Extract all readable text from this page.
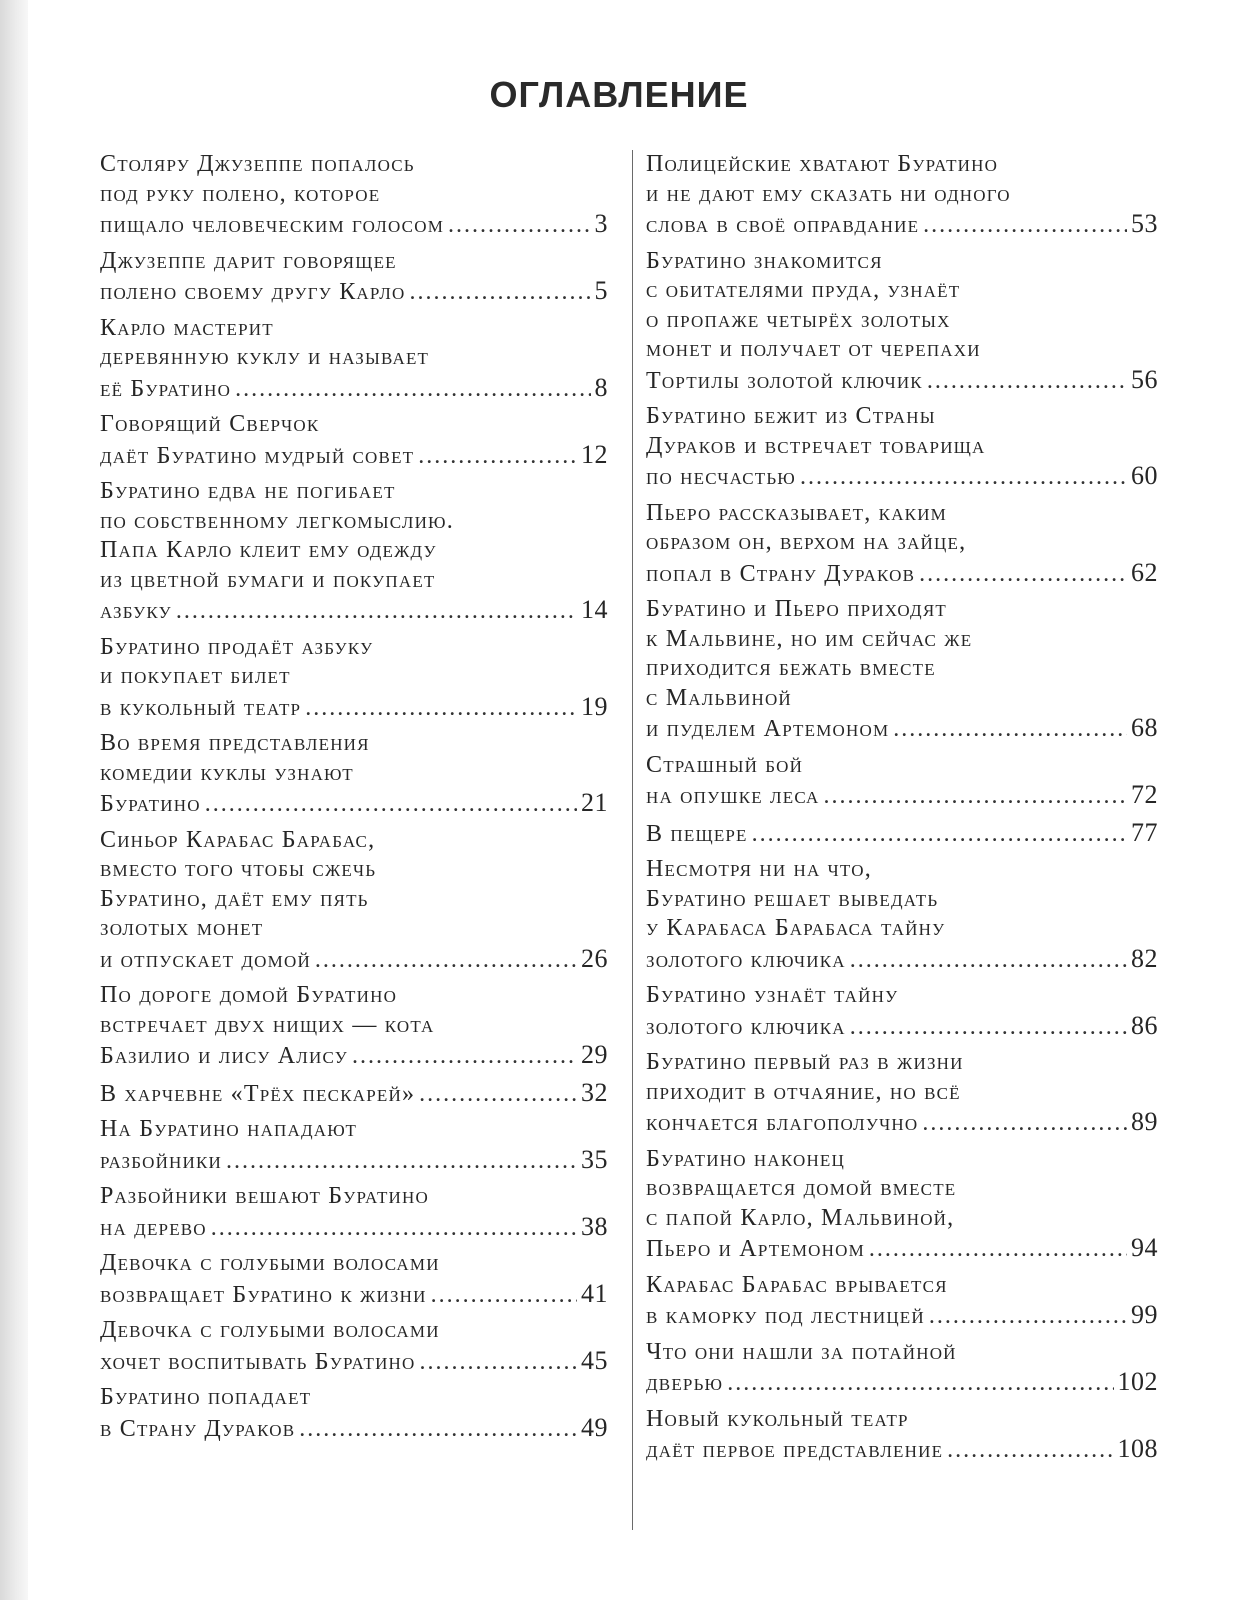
ОГЛАВЛЕНИЕ
Столяру Джузеппе попалось
под руку полено, которое
пищало человеческим голосом .....	3
Джузеппе дарит говорящее
полено своему другу Карло .....	5
Карло мастерит
деревянную куклу и называет
её Буратино .....	8
Говорящий Сверчок
даёт Буратино мудрый совет .....	12
Буратино едва не погибает
по собственному легкомыслию.
Папа Карло клеит ему одежду
из цветной бумаги и покупает
азбуку .....	14
Буратино продаёт азбуку
и покупает билет
в кукольный театр .....	19
Во время представления
комедии куклы узнают
Буратино .....	21
Синьор Карабас Барабас,
вместо того чтобы сжечь
Буратино, даёт ему пять
золотых монет
и отпускает домой .....	26
По дороге домой Буратино
встречает двух нищих — кота
Базилио и лису Алису .....	29
В харчевне «Трёх пескарей» .....	32
На Буратино нападают
разбойники .....	35
Разбойники вешают Буратино
на дерево .....	38
Девочка с голубыми волосами
возвращает Буратино к жизни .....	41
Девочка с голубыми волосами
хочет воспитывать Буратино .....	45
Буратино попадает
в Страну Дураков .....	49
Полицейские хватают Буратино
и не дают ему сказать ни одного
слова в своё оправдание .....	53
Буратино знакомится
с обитателями пруда, узнаёт
о пропаже четырёх золотых
монет и получает от черепахи
Тортилы золотой ключик .....	56
Буратино бежит из Страны
Дураков и встречает товарища
по несчастью .....	60
Пьеро рассказывает, каким
образом он, верхом на зайце,
попал в Страну Дураков .....	62
Буратино и Пьеро приходят
к Мальвине, но им сейчас же
приходится бежать вместе
с Мальвиной
и пуделем Артемоном .....	68
Страшный бой
на опушке леса .....	72
В пещере .....	77
Несмотря ни на что,
Буратино решает выведать
у Карабаса Барабаса тайну
золотого ключика .....	82
Буратино узнаёт тайну
золотого ключика .....	86
Буратино первый раз в жизни
приходит в отчаяние, но всё
кончается благополучно .....	89
Буратино наконец
возвращается домой вместе
с папой Карло, Мальвиной,
Пьеро и Артемоном .....	94
Карабас Барабас врывается
в каморку под лестницей .....	99
Что они нашли за потайной
дверью .....	102
Новый кукольный театр
даёт первое представление .....	108
